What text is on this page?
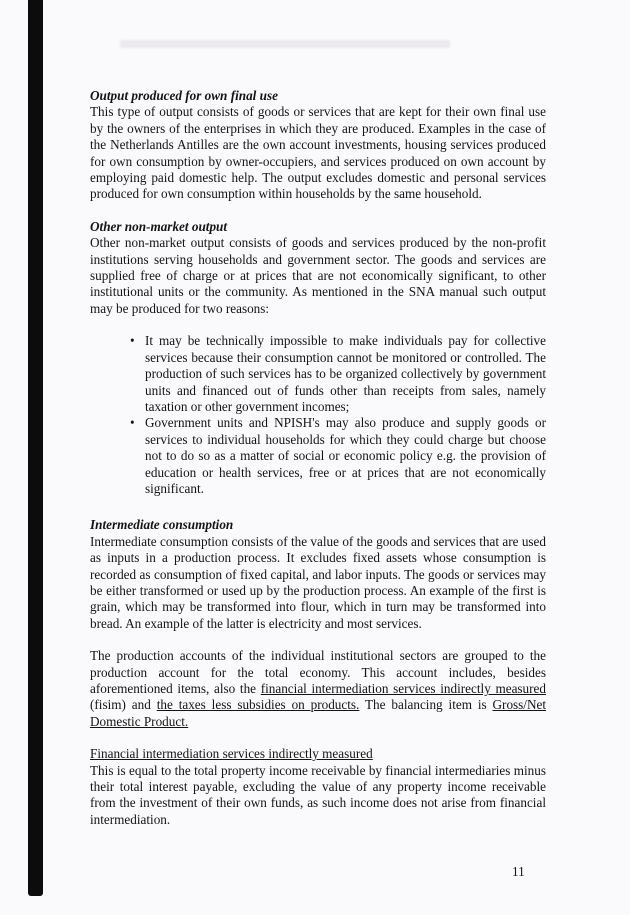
Output produced for own final use

This type of output consists of goods or services that are kept for their own final use by the owners of the enterprises in which they are produced. Examples in the case of the Netherlands Antilles are the own account investments, housing services produced for own consumption by owner-occupiers, and services produced on own account by employing paid domestic help. The output excludes domestic and personal services produced for own consumption within households by the same household.

Other non-market output

Other non-market output consists of goods and services produced by the non-profit institutions serving households and government sector. The goods and services are supplied free of charge or at prices that are not economically significant, to other institutional units or the community. As mentioned in the SNA manual such output may be produced for two reasons:

• It may be technically impossible to make individuals pay for collective services because their consumption cannot be monitored or controlled. The production of such services has to be organized collectively by government units and financed out of funds other than receipts from sales, namely taxation or other government incomes;
• Government units and NPISH's may also produce and supply goods or services to individual households for which they could charge but choose not to do so as a matter of social or economic policy e.g. the provision of education or health services, free or at prices that are not economically significant.
Intermediate consumption

Intermediate consumption consists of the value of the goods and services that are used as inputs in a production process. It excludes fixed assets whose consumption is recorded as consumption of fixed capital, and labor inputs. The goods or services may be either transformed or used up by the production process. An example of the first is grain, which may be transformed into flour, which in turn may be transformed into bread. An example of the latter is electricity and most services.

The production accounts of the individual institutional sectors are grouped to the production account for the total economy. This account includes, besides aforementioned items, also the financial intermediation services indirectly measured (fisim) and the taxes less subsidies on products. The balancing item is Gross/Net Domestic Product.

Financial intermediation services indirectly measured

This is equal to the total property income receivable by financial intermediaries minus their total interest payable, excluding the value of any property income receivable from the investment of their own funds, as such income does not arise from financial intermediation.

11
